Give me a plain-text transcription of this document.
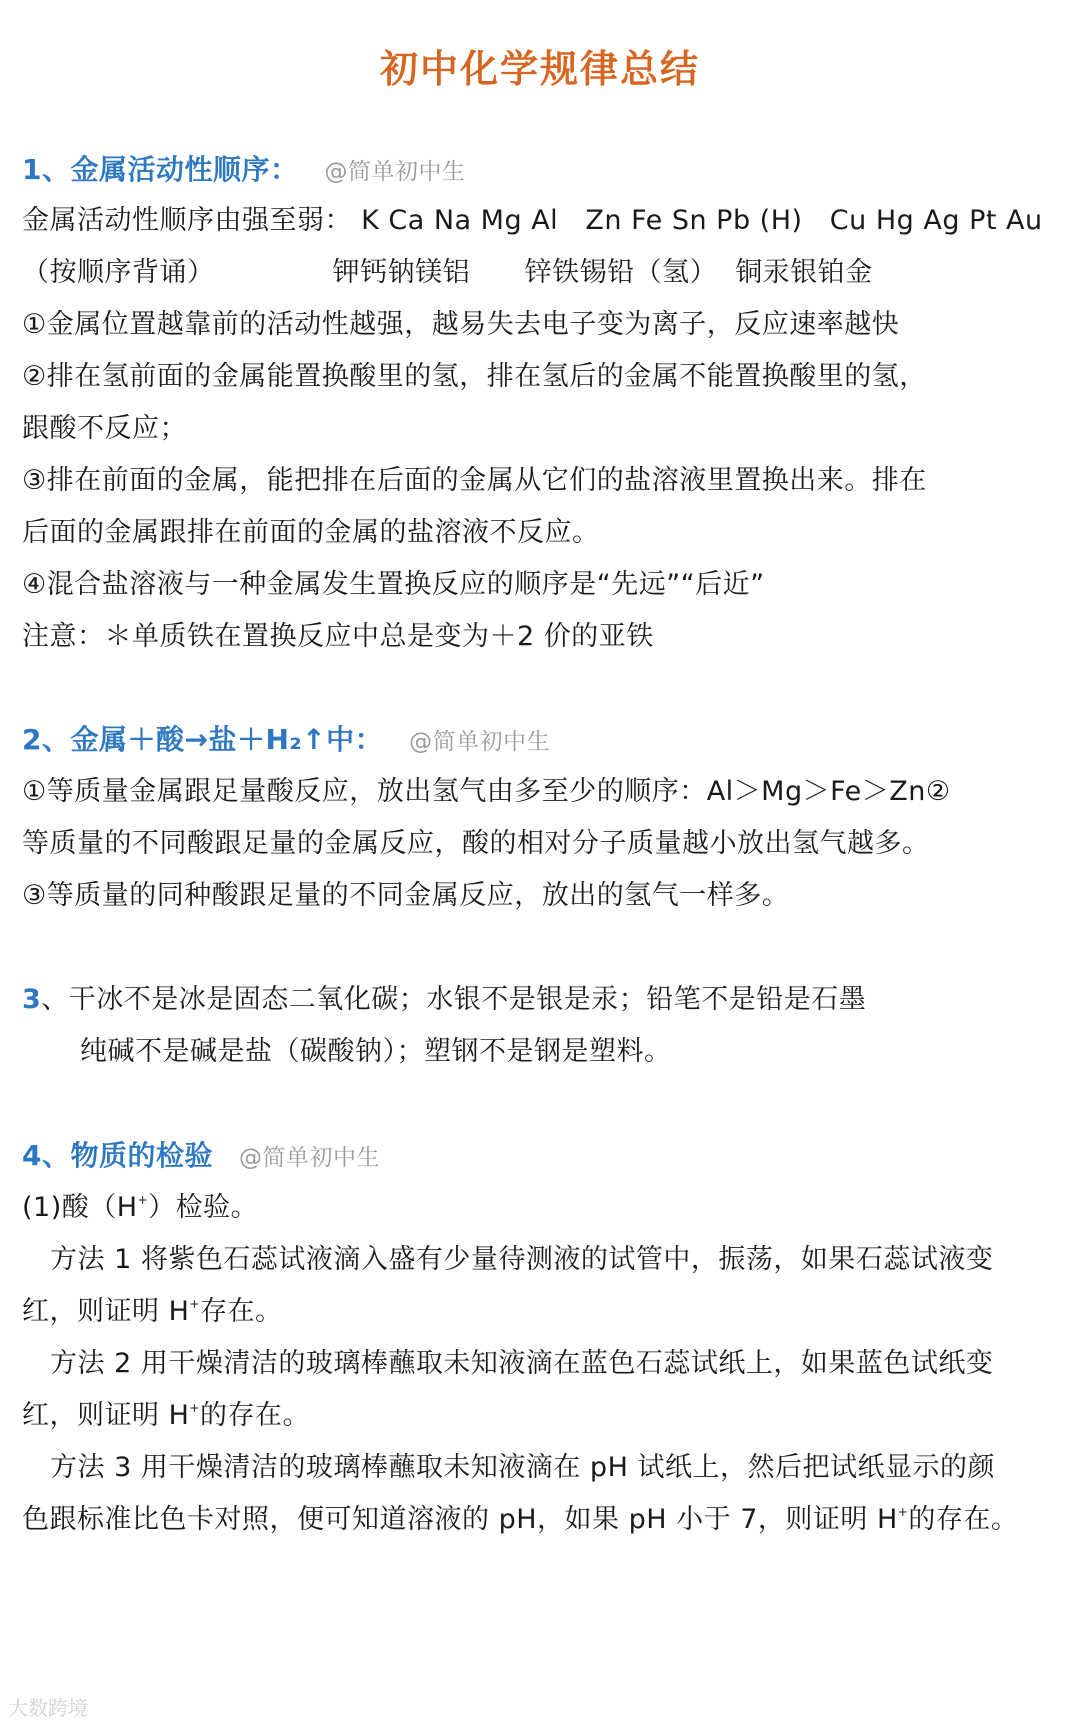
初中化学规律总结
1、金属活动性顺序： @简单初中生
金属活动性顺序由强至弱： K Ca Na Mg Al   Zn Fe Sn Pb (H)   Cu Hg Ag Pt Au
（按顺序背诵）             钾钙钠镁铝      锌铁锡铅（氢）  铜汞银铂金
①金属位置越靠前的活动性越强，越易失去电子变为离子，反应速率越快
②排在氢前面的金属能置换酸里的氢，排在氢后的金属不能置换酸里的氢，
跟酸不反应；
③排在前面的金属，能把排在后面的金属从它们的盐溶液里置换出来。排在
后面的金属跟排在前面的金属的盐溶液不反应。
④混合盐溶液与一种金属发生置换反应的顺序是“先远”“后近”
注意：＊单质铁在置换反应中总是变为＋2 价的亚铁
2、金属＋酸→盐＋H₂↑中： @简单初中生
①等质量金属跟足量酸反应，放出氢气由多至少的顺序：Al＞Mg＞Fe＞Zn②
等质量的不同酸跟足量的金属反应，酸的相对分子质量越小放出氢气越多。
③等质量的同种酸跟足量的不同金属反应，放出的氢气一样多。
3、干冰不是冰是固态二氧化碳；水银不是银是汞；铅笔不是铅是石墨
纯碱不是碱是盐（碳酸钠）；塑钢不是钢是塑料。
4、物质的检验 @简单初中生
(1)酸（H+）检验。
方法 1 将紫色石蕊试液滴入盛有少量待测液的试管中，振荡，如果石蕊试液变
红，则证明 H+存在。
方法 2 用干燥清洁的玻璃棒蘸取未知液滴在蓝色石蕊试纸上，如果蓝色试纸变
红，则证明 H+的存在。
方法 3 用干燥清洁的玻璃棒蘸取未知液滴在 pH 试纸上，然后把试纸显示的颜
色跟标准比色卡对照，便可知道溶液的 pH，如果 pH 小于 7，则证明 H+的存在。
大数跨境
